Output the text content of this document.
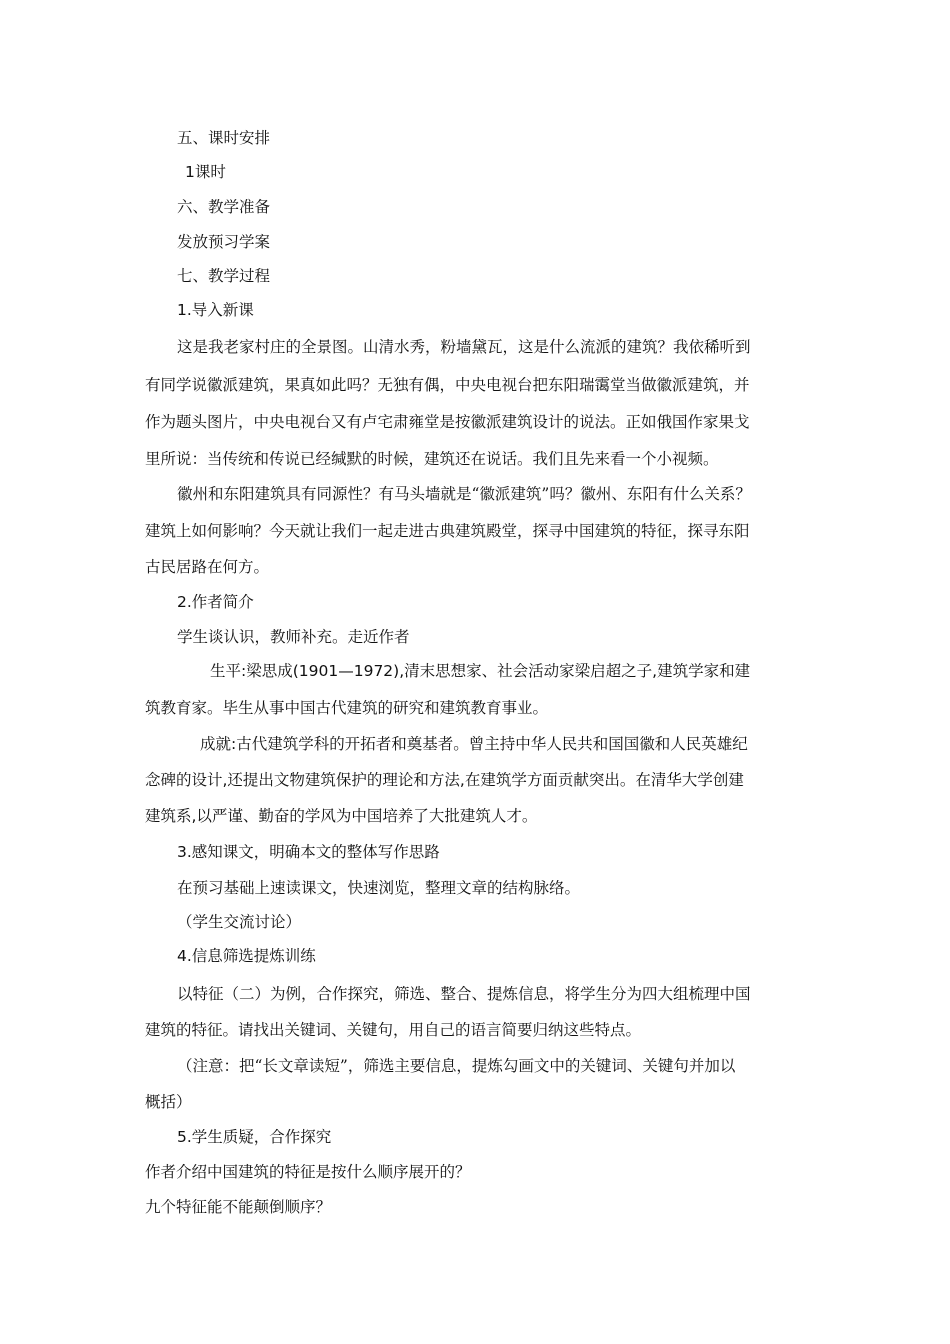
五、课时安排
1课时
六、教学准备
发放预习学案
七、教学过程
1.导入新课
这是我老家村庄的全景图。山清水秀，粉墙黛瓦，这是什么流派的建筑？我依稀听到
有同学说徽派建筑，果真如此吗？无独有偶，中央电视台把东阳瑞霭堂当做徽派建筑，并
作为题头图片，中央电视台又有卢宅肃雍堂是按徽派建筑设计的说法。正如俄国作家果戈
里所说：当传统和传说已经缄默的时候，建筑还在说话。我们且先来看一个小视频。
徽州和东阳建筑具有同源性？有马头墙就是“徽派建筑”吗？徽州、东阳有什么关系？
建筑上如何影响？今天就让我们一起走进古典建筑殿堂，探寻中国建筑的特征，探寻东阳
古民居路在何方。
2.作者简介
学生谈认识，教师补充。走近作者
生平:梁思成(1901—1972),清末思想家、社会活动家梁启超之子,建筑学家和建
筑教育家。毕生从事中国古代建筑的研究和建筑教育事业。
成就:古代建筑学科的开拓者和奠基者。曾主持中华人民共和国国徽和人民英雄纪
念碑的设计,还提出文物建筑保护的理论和方法,在建筑学方面贡献突出。在清华大学创建
建筑系,以严谨、勤奋的学风为中国培养了大批建筑人才。
3.感知课文，明确本文的整体写作思路
在预习基础上速读课文，快速浏览，整理文章的结构脉络。
（学生交流讨论）
4.信息筛选提炼训练
以特征（二）为例，合作探究，筛选、整合、提炼信息，将学生分为四大组梳理中国
建筑的特征。请找出关键词、关键句，用自己的语言简要归纳这些特点。
（注意：把“长文章读短”，筛选主要信息，提炼勾画文中的关键词、关键句并加以
概括）
5.学生质疑，合作探究
作者介绍中国建筑的特征是按什么顺序展开的？
九个特征能不能颠倒顺序？
